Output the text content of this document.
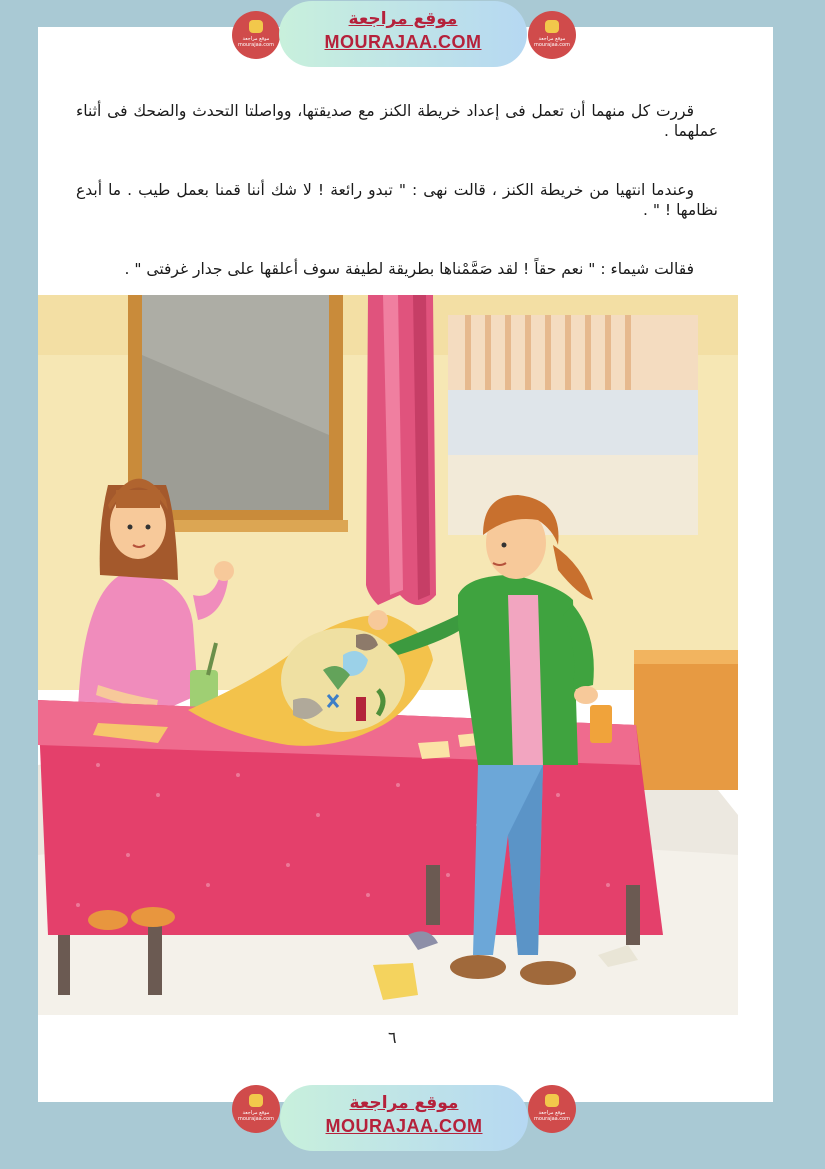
موقع مراجعة
mourajaa.com
موقع مراجعة
MOURAJAA.COM	موقع مراجعة
mourajaa.com
قررت كل منهما أن تعمل فى إعداد خريطة الكنز مع صديقتها، وواصلتا التحدث والضحك فى أثناء عملهما .
وعندما انتهيا من خريطة الكنز ، قالت نهى : " تبدو رائعة ! لا شك أننا قمنا بعمل طيب . ما أبدع نظامها ! " .
فقالت شيماء : " نعم حقاً ! لقد صَمَّمْناها بطريقة لطيفة سوف أعلقها على جدار غرفتى " .
٦
موقع مراجعة
mourajaa.com
موقع مراجعة
MOURAJAA.COM
موقع مراجعة
mourajaa.com
